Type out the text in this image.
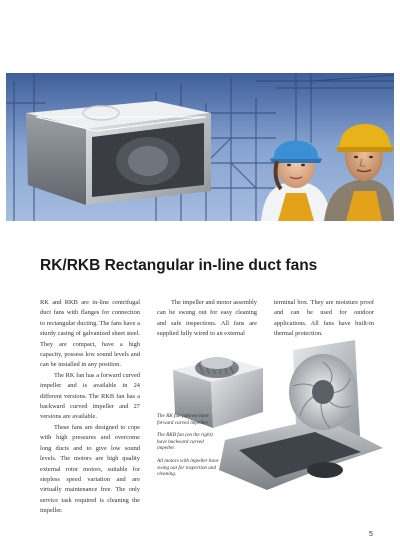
RK/RKB Rectangular in-line duct fans

RK and RKB are in-line centrifugal duct fans with flanges for connection to rectangular ducting. The fans have a sturdy casing of galvanized sheet steel. They are compact, have a high capacity, possess low sound levels and can be installed in any position.

The RK fan has a forward curved impeller and is available in 24 different versions. The RKB fan has a backward curved impeller and 27 versions are available.

These fans are designed to cope with high pressures and overcome long ducts and to give low sound levels. The motors are high quality external rotor motors, suitable for stepless speed variation and are virtually maintenance free. The only service task required is cleaning the impeller.

The impeller and motor assembly can be swung out for easy cleaning and safe inspections. All fans are supplied fully wired to an external

terminal box. They are moisture proof and can be used for outdoor applications. All fans have built-in thermal protection.

The RK fan (above) have forward curved impeller.

The RKB fan (on the right) have backward curved impeller.

All motors with impeller have swing out for inspection and cleaning.

5
